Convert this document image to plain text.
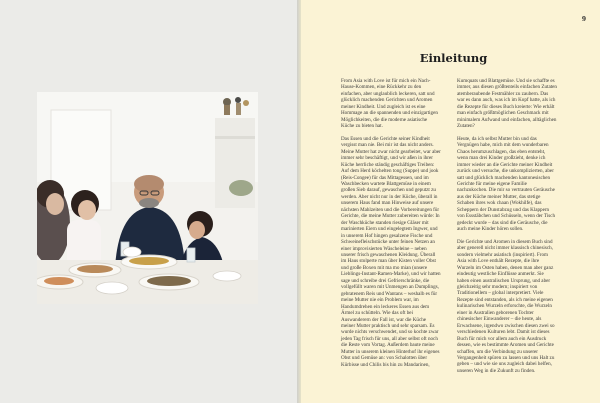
9
Einleitung

From Asia with Love ist für mich ein Nach-Hause-Kommen, eine Rückkehr zu den einfachen, aber unglaublich leckeren, satt und glücklich machenden Gerichten und Aromen meiner Kindheit. Und zugleich ist es eine Hommage an die spannenden und einzigartigen Möglichkeiten, die die moderne asiatische Küche zu bieten hat.

Das Essen und die Gerichte seiner Kindheit vergisst man nie. Bei mir ist das nicht anders. Meine Mutter hat zwar nicht gearbeitet, war aber immer sehr beschäftigt, und wir aßen in ihrer Küche herrliche ständig geschäftiges Treiben: Auf dem Herd köchelten tong (Suppe) und jook (Reis-Congee) für das Mittagessen, und im Waschbecken wartete Blattgemüse in einem großen Sieb darauf, gewaschen und geputzt zu werden. Aber nicht nur in der Küche, überall in unserem Haus fand man Hinweise auf unsere nächsten Mahlzeiten und die Vorbereitungen für Gerichte, die meine Mutter zubereiten würde: In der Waschküche standen riesige Gläser mit marinierten Eiern und eingelegtem Ingwer, und in unserem Hof hingen gesalzene Fische und Schweinefleischstücke unter feinen Netzen an einer improvisierten Wäscheleine – neben unserer frisch gewaschenen Kleidung. Überall im Haus stolperte man über Kisten voller Obst und große Boxen mit ma mo mian (unsere Lieblings-Instant-Ramen-Marke), und wir hatten sage und schreibe drei Gefrierschränke, die vollgefüllt waren mit Unmengen an Dumplings, gebratenem Reis und Wantans – weshalb es für meine Mutter nie ein Problem war, im Handumdrehen ein leckeres Essen aus dem Ärmel zu schütteln. Wie das oft bei Auswanderern der Fall ist, war die Küche meiner Mutter praktisch und sehr sparsam. Es wurde nichts verschwendet, und so kochte zwar jeden Tag frisch für uns, all aber selbst oft noch die Reste vom Vortag. Außerdem baute meine Mutter in unserem kleinen Hinterhof ihr eigenes Obst und Gemüse an: von Schalotten über Kürbisse und Chilis bis hin zu Mandarinen,

Kumquats und Blattgemüse. Und sie schaffte es immer, aus diesen größtenteils einfachen Zutaten atemberaubende Festmähler zu zaubern. Das war es dann auch, was ich im Kopf hatte, als ich die Rezepte für dieses Buch kreierte: Wie erhält man einfach größtmöglichen Geschmack mit minimalem Aufwand und einfachen, alltäglichen Zutaten?

Heute, da ich selbst Mutter bin und das Vergnügen habe, mich mit dem wunderbaren Chaos herumzuschlagen, das eben entsteht, wenn man drei Kinder großzieht, denke ich immer wieder an die Gerichte meiner Kindheit zurück und versuche, die unkomplizierten, aber satt und glücklich machenden kantonesischen Gerichte für meine eigene Familie nachzukochen. Die mir so vertrauten Geräusche aus der Küche meiner Mutter, das stetige Schaben ihres wok chaan (Wokhilfe), das Scheppern der Dunstabzug und das Klappern von Essstäbchen und Schüsseln, wenn der Tisch gedeckt wurde – das sind die Geräusche, die auch meine Kinder hören sollen.

Die Gerichte und Aromen in diesem Buch sind aber generell nicht immer klassisch chinesisch, sondern vielmehr asiatisch (inspiriert). From Asia with Love enthält Rezepte, die ihre Wurzeln im Osten haben, denen man aber ganz eindeutig westliche Einflüsse anmerkt. Sie haben einen australischen Ursprung, und aber gleichzeitig sehr modern; inspiriert von Traditionellem – global interpretiert. Viele Rezepte sind entstanden, als ich meine eigenen kulinarischen Wurzeln erforschte, die Wurzeln einer in Australien geborenen Tochter chinesischer Einwanderer – die heute, als Erwachsene, irgendwo zwischen diesen zwei so verschiedenen Kulturen lebt. Damit ist dieses Buch für mich vor allem auch ein Ausdruck dessen, wie es bestimmte Aromen und Gerichte schaffen, um die Verbindung zu unserer Vergangenheit spüren zu lassen und uns Halt zu geben – und wie sie uns zugleich dabei helfen, unseren Weg in die Zukunft zu finden.
